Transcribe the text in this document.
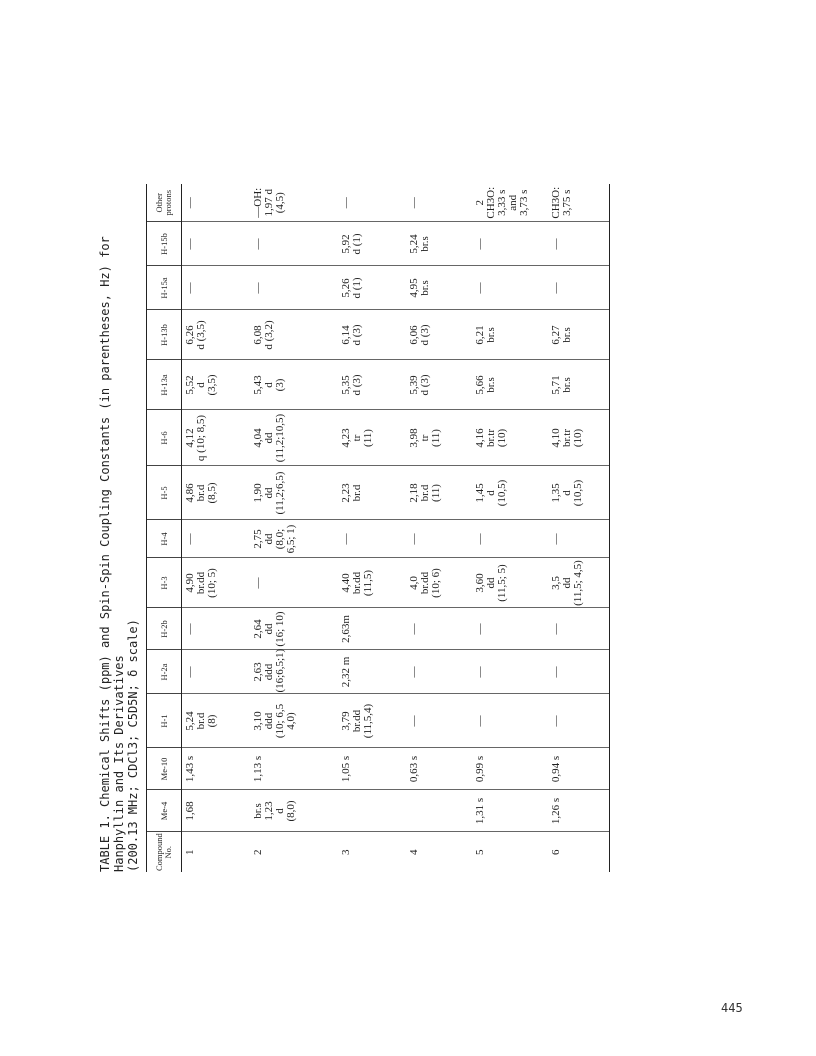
TABLE 1. Chemical Shifts (ppm) and Spin-Spin Coupling Constants (in parentheses, Hz) for Hanphyllin and Its Derivatives (200.13 MHz; CDCl3; C5D5N; δ scale) Compound No.	Me-4	Me-10	H-1	H-2a	H-2b	H-3	H-4	H-5	H-6	H-13a	H-13b	H-15a	H-15b	Other protons
1	1,68	1,43 s	5,24
br.d
(8)	—	—	4,90
br.dd
(10; 5)	—	4,86
br.d
(8,5)	4,12
q (10; 8,5)	5,52
d
(3,5)	6,26
d (3,5)	—	—	—
2	br.s
1,23
d
(8,0)	1,13 s	3,10
ddd
(10; 6,5 4,0)	2,63
ddd
(16;6,5;1)	2,64
dd
(16; 10)	—	2,75
dd
(8,0;
6,5; 1)	1,90
dd
(11,2;6,5)	4,04
dd
(11,2;10,5)	5,43
d
(3)	6,08
d (3,2)	—	—	—OH:
1,97 d
(4,5)
3		1,05 s	3,79
br.dd
(11,5,4)	2,32 m	2,63m	4,40
br.dd
(11,5)	—	2,23
br.d	4,23
tr
(11)	5,35
d (3)	6,14
d (3)	5,26
d (1)	5,92
d (1)	—
4		0,63 s	—	—	—	4,0
br.dd
(10; 6)	—	2,18
br.d
(11)	3,98
tr
(11)	5,39
d (3)	6,06
d (3)	4,95
br.s	5,24
br.s	—
5	1,31 s	0,99 s	—	—	—	3,60
dd
(11,5; 5)	—	1,45
d
(10,5)	4,16
br.tr
(10)	5,66
br.s	6,21
br.s	—	—	2 CH3O:
3,33 s and
3,73 s
6	1,26 s	0,94 s	—	—	—	3,5
dd
(11,5; 4,5)	—	1,35
d
(10,5)	4,10
br.tr
(10)	5,71
br.s	6,27
br.s	—	—	CH3O:
3,75 s
445
